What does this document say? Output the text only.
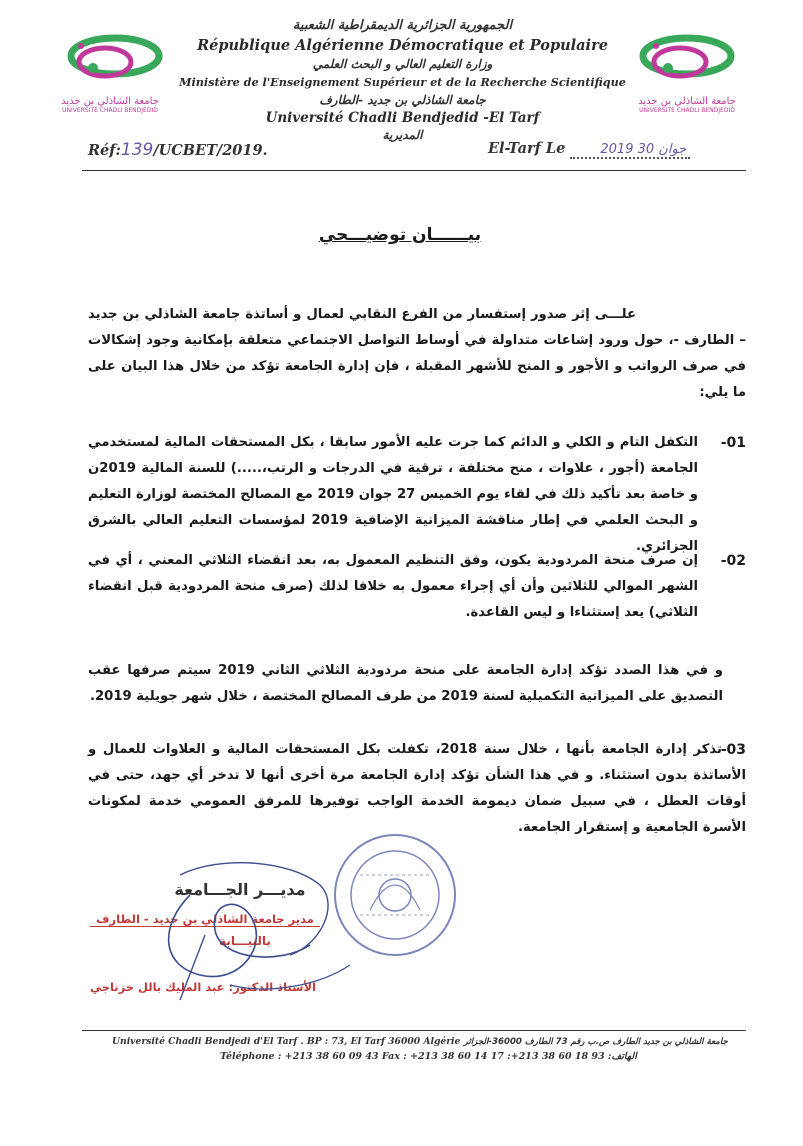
جامعة الشاذلي بن جديد
UNIVERSITE CHADLI BENDJEDID
جامعة الشاذلي بن جديد
UNIVERSITE CHADLI BENDJEDID
الجمهورية الجزائرية الديمقراطية الشعبية
République Algérienne Démocratique et Populaire
وزارة التعليم العالي و البحث العلمي
Ministère de l'Enseignement Supérieur et de la Recherche Scientifique
جامعة الشاذلي بن جديد -الطارف
Université Chadli Bendjedid -El Tarf
المديرية
Réf:139/UCBET/2019.	El-Tarf Le	2019 جوان 30
بيــــــان توضيـــحي
علـــى إثر صدور إستفسار من الفرع النقابي لعمال و أساتذة جامعة الشاذلي بن جديد – الطارف -، حول ورود إشاعات متداولة في أوساط التواصل الاجتماعي متعلقة بإمكانية وجود إشكالات في صرف الرواتب و الأجور و المنح للأشهر المقبلة ، فإن إدارة الجامعة تؤكد من خلال هذا البيان على ما يلي:
01-
التكفل التام و الكلي و الدائم كما جرت عليه الأمور سابقا ، بكل المستحقات المالية لمستخدمي الجامعة (أجور ، علاوات ، منح مختلفة ، ترقية في الدرجات و الرتب،.....) للسنة المالية 2019ن و خاصة بعد تأكيد ذلك في لقاء يوم الخميس 27 جوان 2019 مع المصالح المختصة لوزارة التعليم و البحث العلمي في إطار مناقشة الميزانية الإضافية 2019 لمؤسسات التعليم العالي بالشرق الجزائري.
02-
إن صرف منحة المردودية يكون، وفق التنظيم المعمول به، بعد انقضاء الثلاثي المعني ، أي في الشهر الموالي للثلاثين وأن أي إجراء معمول به خلافا لذلك (صرف منحة المردودية قبل انقضاء الثلاثي) يعد إستثناءا و ليس القاعدة.
و في هذا الصدد تؤكد إدارة الجامعة على منحة مردودية الثلاثي الثاني 2019 سيتم صرفها عقب التصديق على الميزانية التكميلية لسنة 2019 من طرف المصالح المختصة ، خلال شهر جويلية 2019.
03-
تذكر إدارة الجامعة بأنها ، خلال سنة 2018، تكفلت بكل المستحقات المالية و العلاوات للعمال و الأساتذة بدون استثناء. و في هذا الشأن تؤكد إدارة الجامعة مرة أخرى أنها لا تدخر أي جهد، حتى في أوقات العطل ، في سبيل ضمان ديمومة الخدمة الواجب توفيرها للمرفق العمومي خدمة لمكونات الأسرة الجامعية و إستقرار الجامعة.
مديـــر الجـــامعة
مدير جامعة الشاذلي بن جديد - الطارف
بالنيـــابة
الأستاذ الدكتور: عبد المليك بالل خزناجي
Université Chadli Bendjedi d'El Tarf . BP : 73, El Tarf 36000 Algérie جامعة الشاذلي بن جديد الطارف ص.ب رقم 73 الطارف 36000-الجزائر
Téléphone : +213 38 60 09 43 Fax : +213 38 60 14 17 :+213 38 60 18 93 :الهاتف
